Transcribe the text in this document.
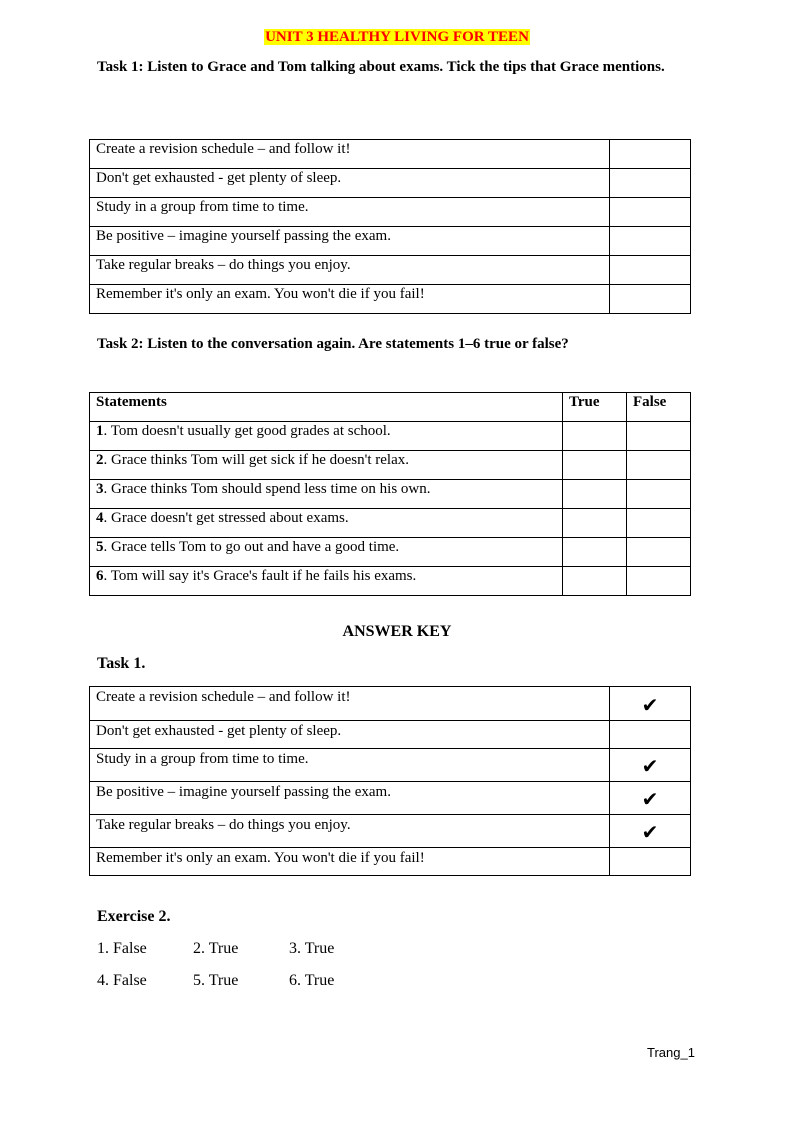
UNIT 3 HEALTHY LIVING FOR TEEN
Task 1: Listen to Grace and Tom talking about exams. Tick the tips that Grace mentions.
Create a revision schedule – and follow it!	
Don't get exhausted - get plenty of sleep.	
Study in a group from time to time.	
Be positive – imagine yourself passing the exam.	
Take regular breaks – do things you enjoy.	
Remember it's only an exam. You won't die if you fail!	
Task 2: Listen to the conversation again. Are statements 1–6 true or false?
Statements	True	False
1. Tom doesn't usually get good grades at school.		
2. Grace thinks Tom will get sick if he doesn't relax.		
3. Grace thinks Tom should spend less time on his own.		
4. Grace doesn't get stressed about exams.		
5. Grace tells Tom to go out and have a good time.		
6. Tom will say it's Grace's fault if he fails his exams.		
ANSWER KEY
Task 1.
Create a revision schedule – and follow it!	✔
Don't get exhausted - get plenty of sleep.	
Study in a group from time to time.	✔
Be positive – imagine yourself passing the exam.	✔
Take regular breaks – do things you enjoy.	✔
Remember it's only an exam. You won't die if you fail!	
Exercise 2.
1. False	2. True	3. True
4. False	5. True	6. True
Trang_1
